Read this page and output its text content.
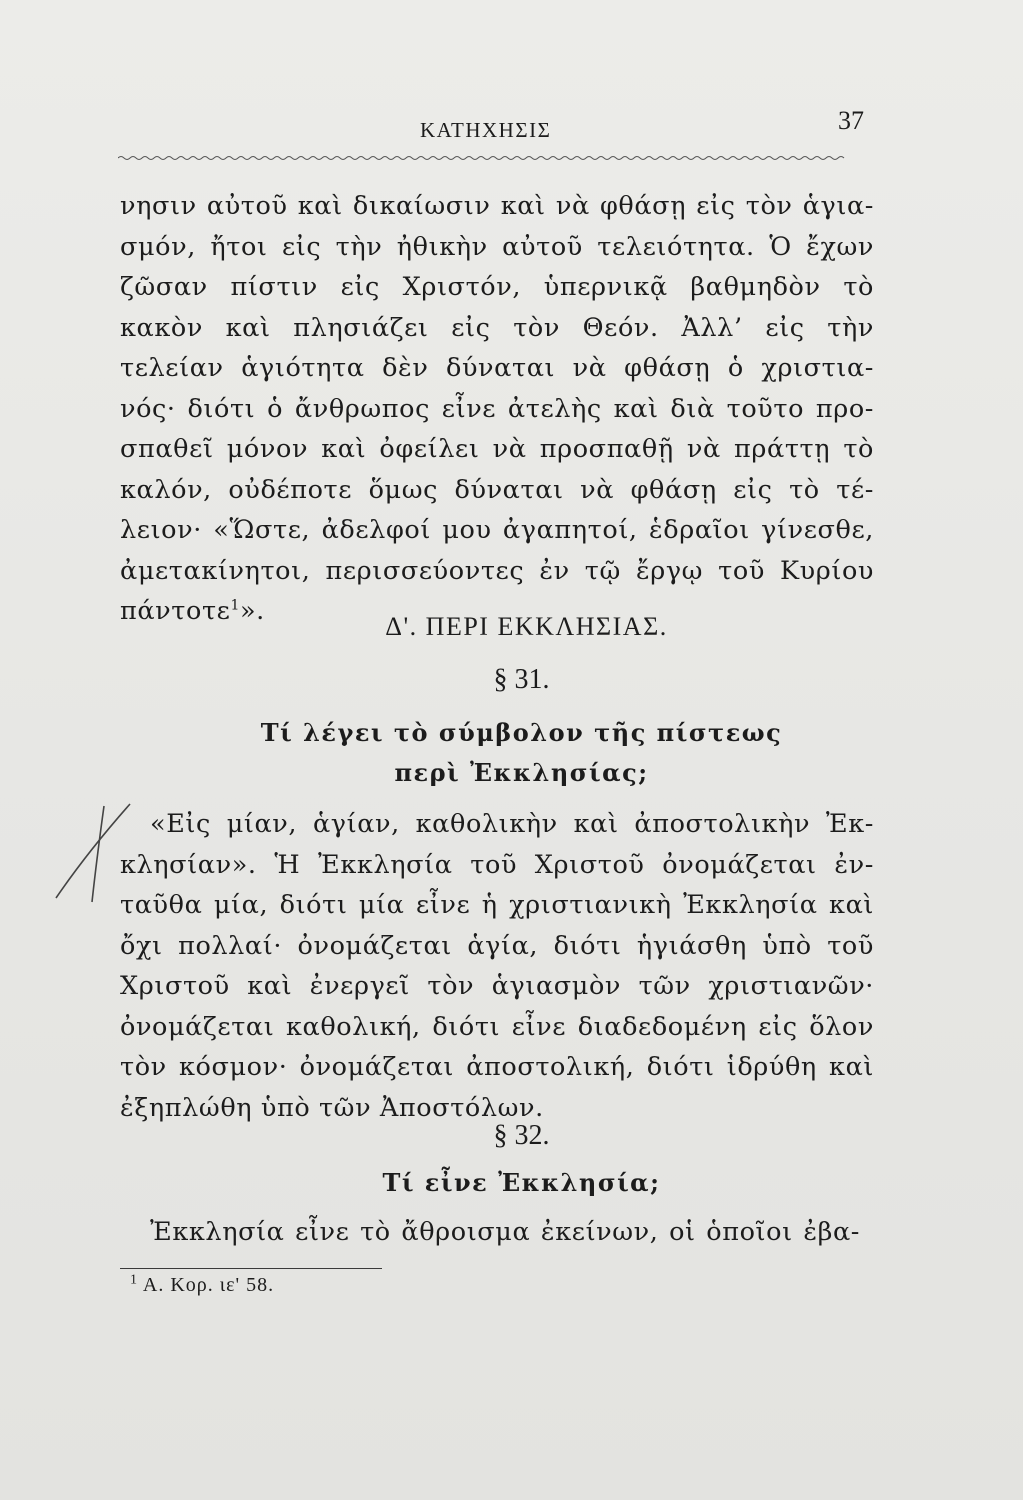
ΚΑΤΗΧΗΣΙΣ	37
νησιν αὐτοῦ καὶ δικαίωσιν καὶ νὰ φθάσῃ εἰς τὸν ἁγια-
σμόν, ἤτοι εἰς τὴν ἠθικὴν αὐτοῦ τελειότητα. Ὁ ἔχων
ζῶσαν πίστιν εἰς Χριστόν, ὑπερνικᾷ βαθμηδὸν τὸ
κακὸν καὶ πλησιάζει εἰς τὸν Θεόν. Ἀλλ’ εἰς τὴν
τελείαν ἁγιότητα δὲν δύναται νὰ φθάσῃ ὁ χριστια-
νός· διότι ὁ ἄνθρωπος εἶνε ἀτελὴς καὶ διὰ τοῦτο προ-
σπαθεῖ μόνον καὶ ὀφείλει νὰ προσπαθῇ νὰ πράττῃ τὸ
καλόν, οὐδέποτε ὅμως δύναται νὰ φθάσῃ εἰς τὸ τέ-
λειον· «Ὥστε, ἀδελφοί μου ἀγαπητοί, ἑδραῖοι γίνεσθε,
ἀμετακίνητοι, περισσεύοντες ἐν τῷ ἔργῳ τοῦ Κυρίου
πάντοτε$^1$».
Δ'. ΠΕΡΙ ΕΚΚΛΗΣΙΑΣ.
§ 31.
Τί λέγει τὸ σύμβολον τῆς πίστεως
περὶ Ἐκκλησίας;
«Εἰς μίαν, ἁγίαν, καθολικὴν καὶ ἀποστολικὴν Ἐκ-
κλησίαν». Ἡ Ἐκκλησία τοῦ Χριστοῦ ὀνομάζεται ἐν-
ταῦθα μία, διότι μία εἶνε ἡ χριστιανικὴ Ἐκκλησία καὶ
ὄχι πολλαί· ὀνομάζεται ἁγία, διότι ἡγιάσθη ὑπὸ τοῦ
Χριστοῦ καὶ ἐνεργεῖ τὸν ἁγιασμὸν τῶν χριστιανῶν·
ὀνομάζεται καθολική, διότι εἶνε διαδεδομένη εἰς ὅλον
τὸν κόσμον· ὀνομάζεται ἀποστολική, διότι ἱδρύθη καὶ
ἐξηπλώθη ὑπὸ τῶν Ἀποστόλων.
§ 32.
Τί εἶνε Ἐκκλησία;
Ἐκκλησία εἶνε τὸ ἄθροισμα ἐκείνων, οἱ ὁποῖοι ἐβα-
$^1$ Α. Κορ. ιε' 58.
